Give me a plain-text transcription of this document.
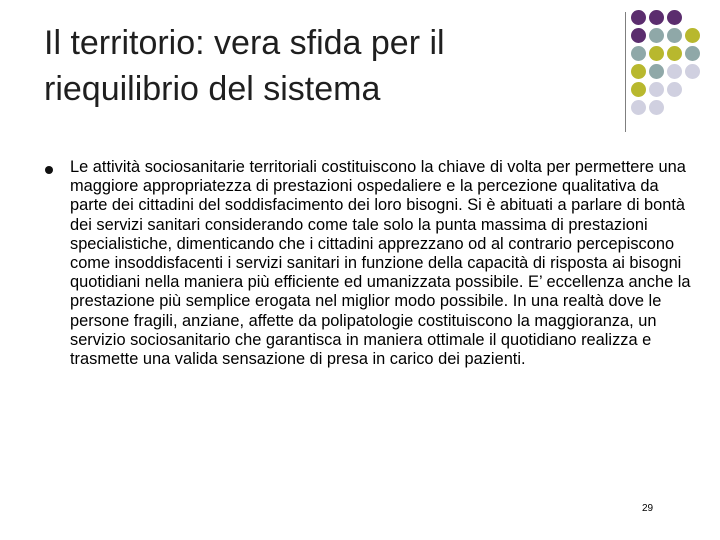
Il territorio: vera sfida per il riequilibrio del sistema

Le attività sociosanitarie territoriali costituiscono la chiave di volta per permettere una maggiore appropriatezza di prestazioni ospedaliere e la percezione qualitativa da parte dei cittadini del soddisfacimento dei loro bisogni. Si è abituati a parlare di bontà dei servizi sanitari considerando come tale solo la punta massima di prestazioni specialistiche, dimenticando che i cittadini apprezzano od al contrario percepiscono come insoddisfacenti i servizi sanitari in funzione della capacità di risposta ai bisogni quotidiani nella maniera più efficiente ed umanizzata possibile. E’ eccellenza anche la prestazione più semplice erogata nel miglior modo possibile. In una realtà dove le persone fragili, anziane, affette da polipatologie costituiscono la maggioranza, un servizio sociosanitario che garantisca in maniera ottimale il quotidiano realizza e trasmette una valida sensazione di presa in carico dei pazienti.

29
